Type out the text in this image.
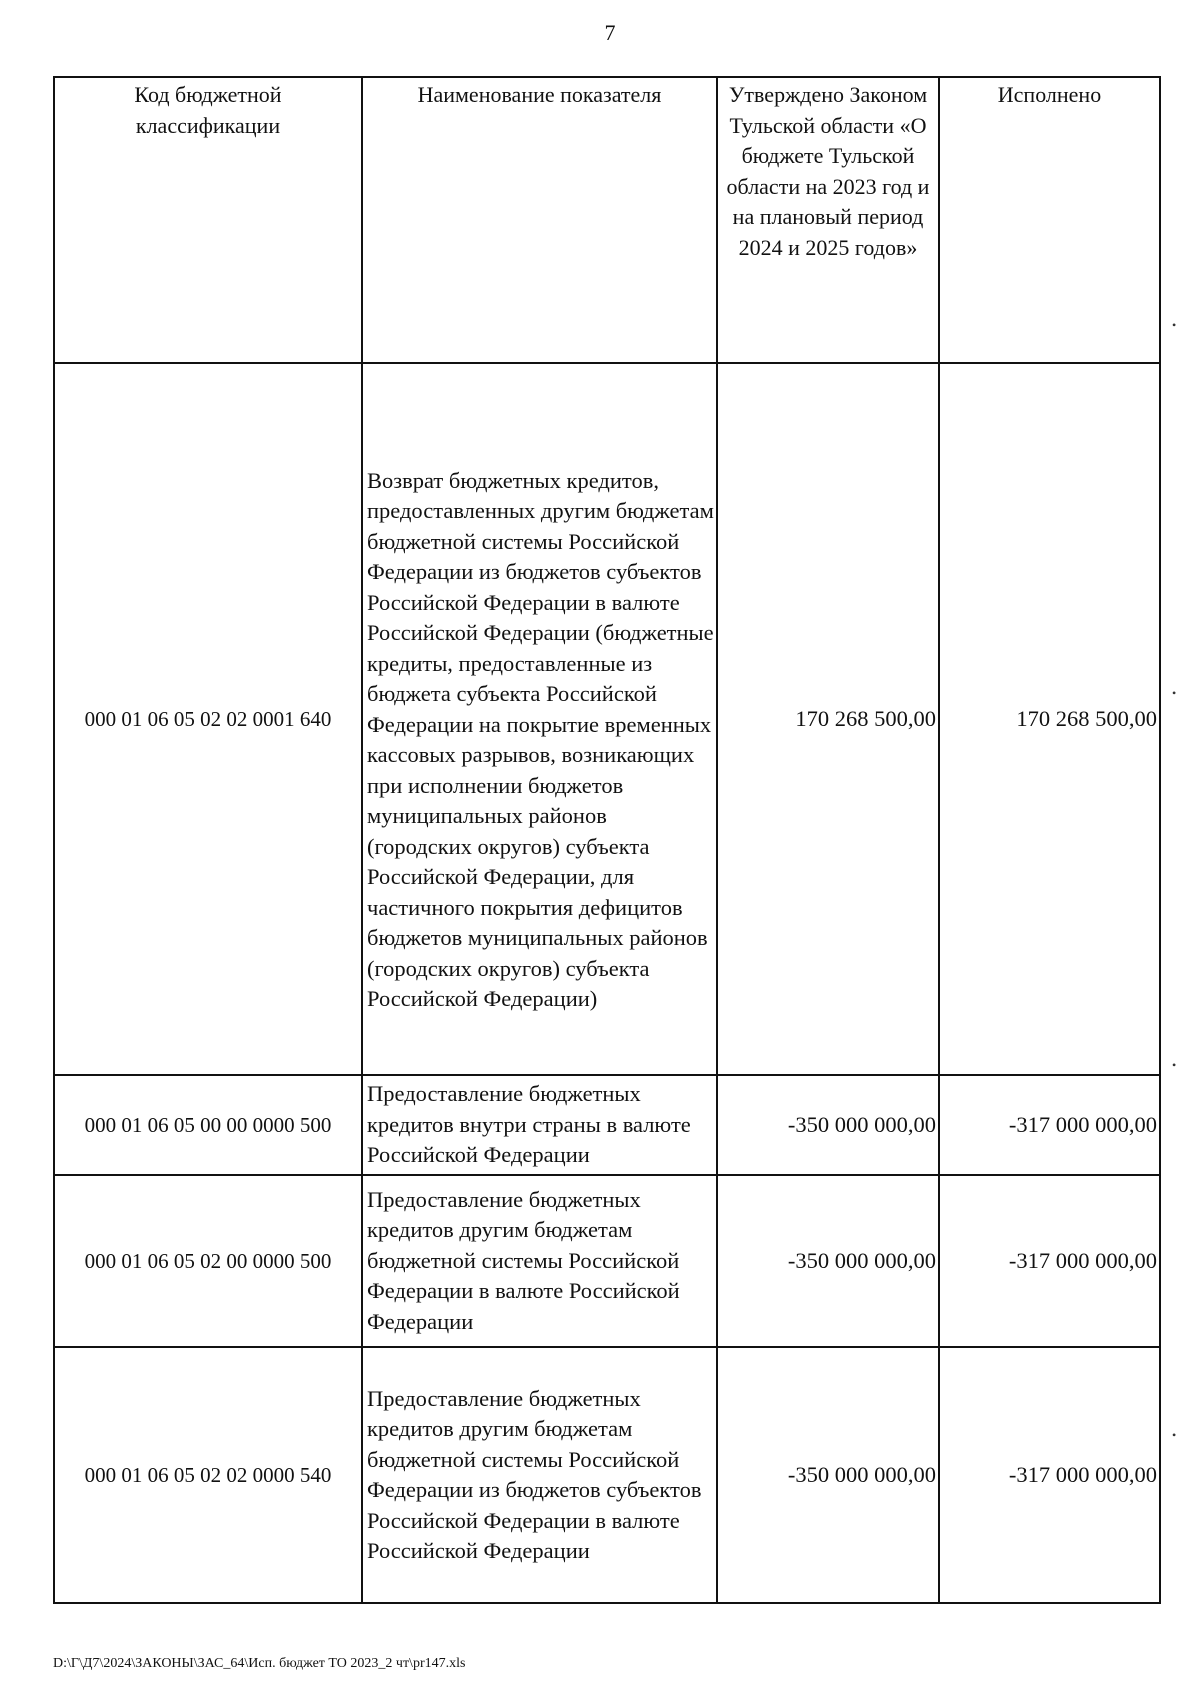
7
Код бюджетной классификации	Наименование показателя	Утверждено Законом Тульской области «О бюджете Тульской области на 2023 год и на плановый период 2024 и 2025 годов»	Исполнено
000 01 06 05 02 02 0001 640	Возврат бюджетных кредитов, предоставленных другим бюджетам бюджетной системы Российской Федерации из бюджетов субъектов Российской Федерации в валюте Российской Федерации (бюджетные кредиты, предоставленные из бюджета субъекта Российской Федерации на покрытие временных кассовых разрывов, возникающих при исполнении бюджетов муниципальных районов (городских округов) субъекта Российской Федерации, для частичного покрытия дефицитов бюджетов муниципальных районов (городских округов) субъекта Российской Федерации)	170 268 500,00	170 268 500,00
000 01 06 05 00 00 0000 500	Предоставление бюджетных кредитов внутри страны в валюте Российской Федерации	-350 000 000,00	-317 000 000,00
000 01 06 05 02 00 0000 500	Предоставление бюджетных кредитов другим бюджетам бюджетной системы Российской Федерации в валюте Российской Федерации	-350 000 000,00	-317 000 000,00
000 01 06 05 02 02 0000 540	Предоставление бюджетных кредитов другим бюджетам бюджетной системы Российской Федерации из бюджетов субъектов Российской Федерации в валюте Российской Федерации	-350 000 000,00	-317 000 000,00
•
•
•
•
D:\Г\Д7\2024\ЗАКОНЫ\ЗАС_64\Исп. бюджет ТО 2023_2 чт\pr147.xls
